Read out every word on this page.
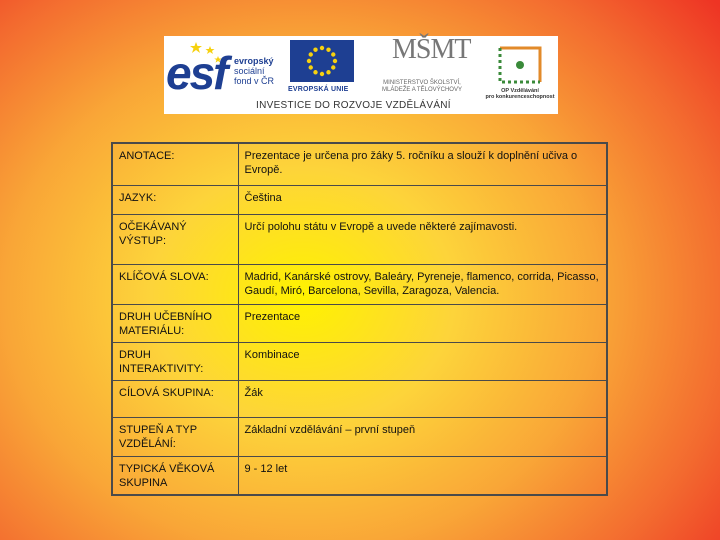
esf evropský
sociální
fond v ČR
EVROPSKÁ UNIE
MŠMT
MINISTERSTVO ŠKOLSTVÍ,
MLÁDEŽE A TĚLOVÝCHOVY	OP Vzdělávání
pro konkurenceschopnost
INVESTICE DO ROZVOJE VZDĚLÁVÁNÍ
ANOTACE:	Prezentace je určena pro žáky 5. ročníku a slouží k doplnění učiva o Evropě.
JAZYK:	Čeština
OČEKÁVANÝ VÝSTUP:	Určí polohu státu v Evropě a uvede některé zajímavosti.
KLÍČOVÁ SLOVA:	Madrid, Kanárské ostrovy, Baleáry, Pyreneje, flamenco, corrida, Picasso, Gaudí, Miró, Barcelona, Sevilla, Zaragoza, Valencia.
DRUH UČEBNÍHO MATERIÁLU:	Prezentace
DRUH INTERAKTIVITY:	Kombinace
CÍLOVÁ SKUPINA:	Žák
STUPEŇ A TYP VZDĚLÁNÍ:	Základní vzdělávání – první stupeň
TYPICKÁ VĚKOVÁ SKUPINA	9 - 12 let
